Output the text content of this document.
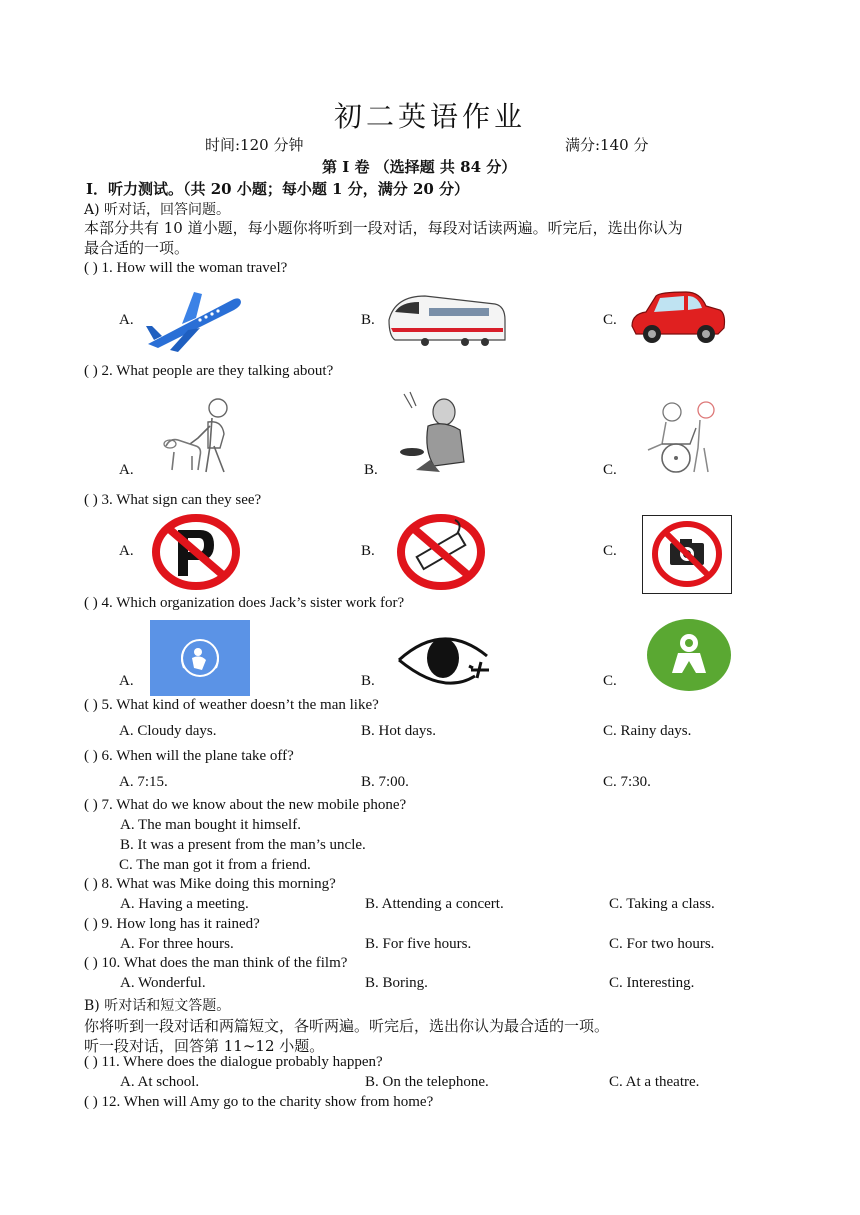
初二英语作业
时间:120 分钟	满分:140 分
第 I 卷 （选择题 共 84 分）
I．听力测试。（共 20 小题；每小题 1 分，满分 20 分）
A) 听对话，回答问题。
本部分共有 10 道小题，每小题你将听到一段对话，每段对话读两遍。听完后，选出你认为
最合适的一项。
( ) 1. How will the woman travel?
A.	B.	C.
( ) 2. What people are they talking about?
A.	B.	C.
( ) 3. What sign can they see?
A.	B.	C.
( ) 4. Which organization does Jack’s sister work for?
A.	B.	C.
( ) 5. What kind of weather doesn’t the man like?
A. Cloudy days.	B. Hot days.	C. Rainy days.
( ) 6. When will the plane take off?
A. 7:15.	B. 7:00.	C. 7:30.
( ) 7. What do we know about the new mobile phone?
A. The man bought it himself.
B. It was a present from the man’s uncle.
C. The man got it from a friend.
( ) 8. What was Mike doing this morning?
A. Having a meeting.	B. Attending a concert.	C. Taking a class.
( ) 9. How long has it rained?
A. For three hours.	B. For five hours.	C. For two hours.
( ) 10. What does the man think of the film?
A. Wonderful.	B. Boring.	C. Interesting.
B) 听对话和短文答题。
你将听到一段对话和两篇短文，各听两遍。听完后，选出你认为最合适的一项。
听一段对话，回答第 11~12 小题。
( ) 11. Where does the dialogue probably happen?
A. At school.	B. On the telephone.	C. At a theatre.
( ) 12. When will Amy go to the charity show from home?
